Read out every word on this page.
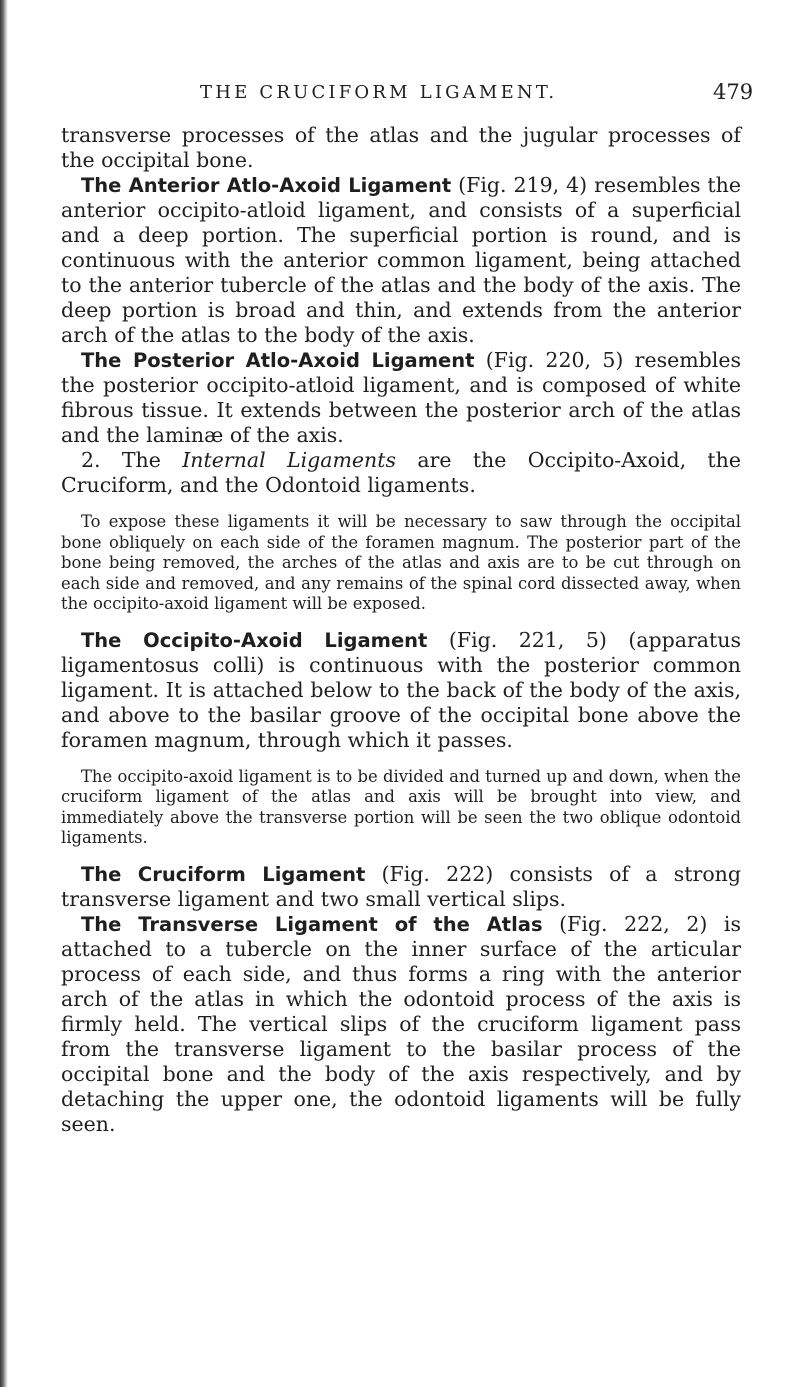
THE CRUCIFORM LIGAMENT.	479

transverse processes of the atlas and the jugular processes of the occipital bone.

The Anterior Atlo-Axoid Ligament (Fig. 219, 4) resembles the anterior occipito-atloid ligament, and consists of a superficial and a deep portion. The superficial portion is round, and is continuous with the anterior common ligament, being attached to the anterior tubercle of the atlas and the body of the axis. The deep portion is broad and thin, and extends from the anterior arch of the atlas to the body of the axis.

The Posterior Atlo-Axoid Ligament (Fig. 220, 5) resembles the posterior occipito-atloid ligament, and is composed of white fibrous tissue. It extends between the posterior arch of the atlas and the laminæ of the axis.

2. The Internal Ligaments are the Occipito-Axoid, the Cruciform, and the Odontoid ligaments.

To expose these ligaments it will be necessary to saw through the occipital bone obliquely on each side of the foramen magnum. The posterior part of the bone being removed, the arches of the atlas and axis are to be cut through on each side and removed, and any remains of the spinal cord dissected away, when the occipito-axoid ligament will be exposed.

The Occipito-Axoid Ligament (Fig. 221, 5) (apparatus ligamentosus colli) is continuous with the posterior common ligament. It is attached below to the back of the body of the axis, and above to the basilar groove of the occipital bone above the foramen magnum, through which it passes.

The occipito-axoid ligament is to be divided and turned up and down, when the cruciform ligament of the atlas and axis will be brought into view, and immediately above the transverse portion will be seen the two oblique odontoid ligaments.

The Cruciform Ligament (Fig. 222) consists of a strong transverse ligament and two small vertical slips.

The Transverse Ligament of the Atlas (Fig. 222, 2) is attached to a tubercle on the inner surface of the articular process of each side, and thus forms a ring with the anterior arch of the atlas in which the odontoid process of the axis is firmly held. The vertical slips of the cruciform ligament pass from the transverse ligament to the basilar process of the occipital bone and the body of the axis respectively, and by detaching the upper one, the odontoid ligaments will be fully seen.
